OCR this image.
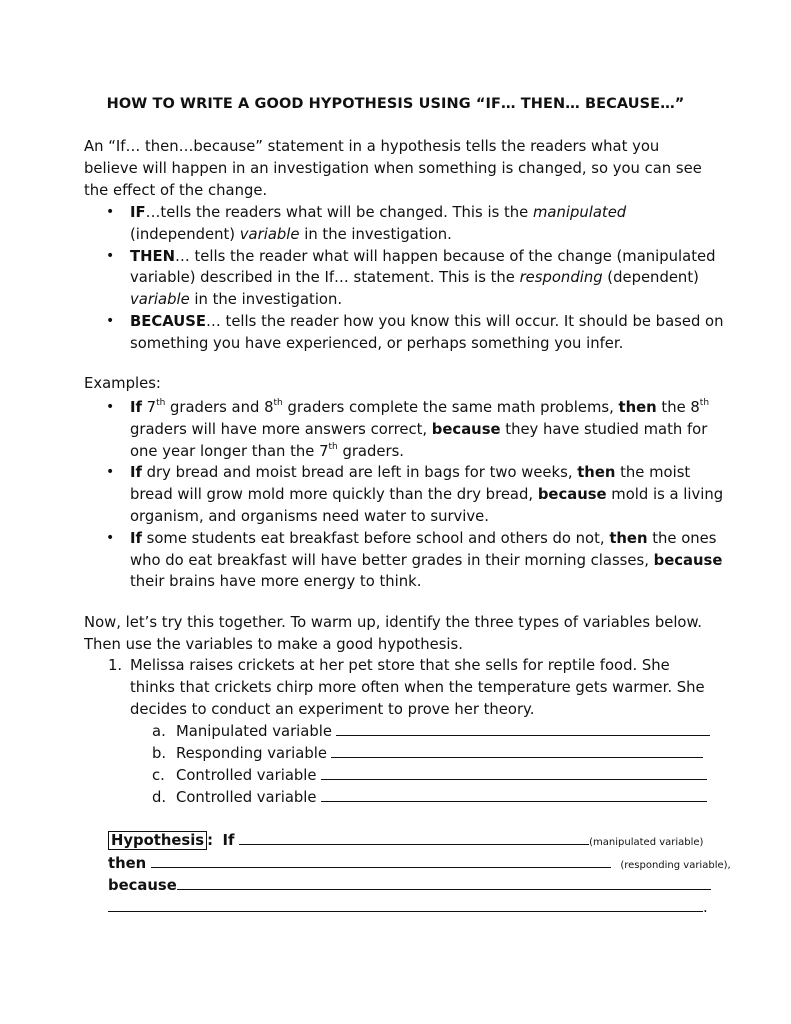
HOW TO WRITE A GOOD HYPOTHESIS USING “IF… THEN… BECAUSE…”
An “If… then…because” statement in a hypothesis tells the readers what you believe will happen in an investigation when something is changed, so you can see the effect of the change.
• IF…tells the readers what will be changed. This is the manipulated (independent) variable in the investigation.
• THEN… tells the reader what will happen because of the change (manipulated variable) described in the If… statement. This is the responding (dependent) variable in the investigation.
• BECAUSE… tells the reader how you know this will occur. It should be based on something you have experienced, or perhaps something you infer.
Examples:
• If 7th graders and 8th graders complete the same math problems, then the 8th graders will have more answers correct, because they have studied math for one year longer than the 7th graders.
• If dry bread and moist bread are left in bags for two weeks, then the moist bread will grow mold more quickly than the dry bread, because mold is a living organism, and organisms need water to survive.
• If some students eat breakfast before school and others do not, then the ones who do eat breakfast will have better grades in their morning classes, because their brains have more energy to think.
Now, let’s try this together. To warm up, identify the three types of variables below. Then use the variables to make a good hypothesis.
1. Melissa raises crickets at her pet store that she sells for reptile food. She thinks that crickets chirp more often when the temperature gets warmer. She decides to conduct an experiment to prove her theory.
a. Manipulated variable
b. Responding variable
c. Controlled variable
d. Controlled variable
Hypothesis : If	(manipulated variable)
then	(responding variable),
because
.
